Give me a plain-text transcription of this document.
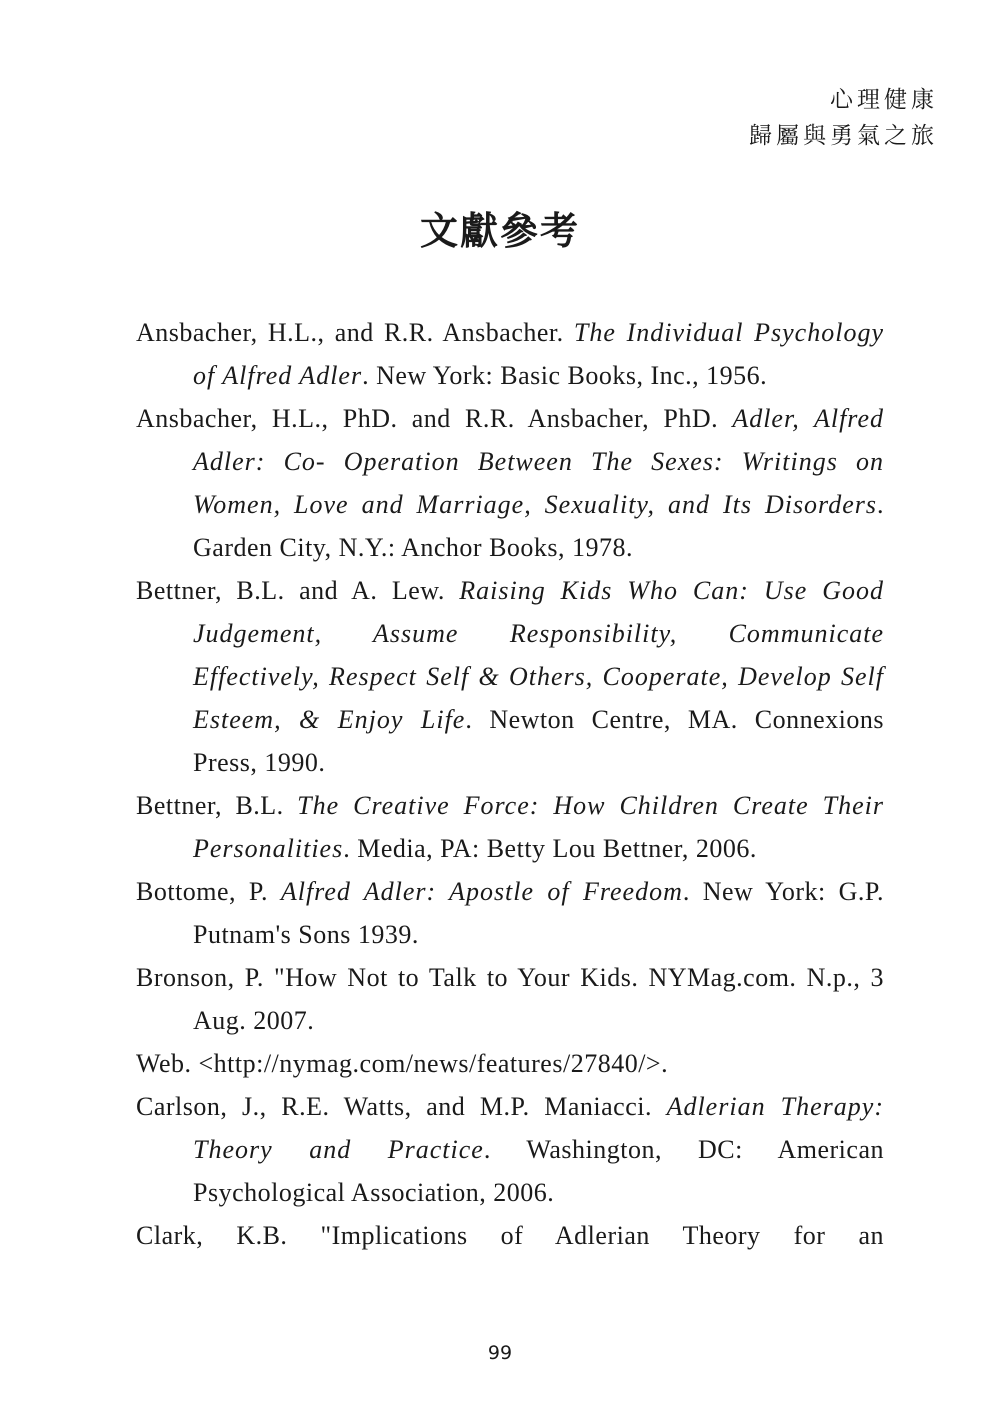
心理健康
歸屬與勇氣之旅
文獻參考

Ansbacher, H.L., and R.R. Ansbacher. The Individual Psychology of Alfred Adler. New York: Basic Books, Inc., 1956.

Ansbacher, H.L., PhD. and R.R. Ansbacher, PhD. Adler, Alfred Adler: Co- Operation Between The Sexes: Writings on Women, Love and Marriage, Sexuality, and Its Disorders. Garden City, N.Y.: Anchor Books, 1978.

Bettner, B.L. and A. Lew. Raising Kids Who Can: Use Good Judgement, Assume Responsibility, Communicate Effectively, Respect Self & Others, Cooperate, Develop Self Esteem, & Enjoy Life. Newton Centre, MA. Connexions Press, 1990.

Bettner, B.L. The Creative Force: How Children Create Their Personalities. Media, PA: Betty Lou Bettner, 2006.

Bottome, P. Alfred Adler: Apostle of Freedom. New York: G.P. Putnam's Sons 1939.

Bronson, P. "How Not to Talk to Your Kids. NYMag.com. N.p., 3 Aug. 2007.

Web. <http://nymag.com/news/features/27840/>.

Carlson, J., R.E. Watts, and M.P. Maniacci. Adlerian Therapy: Theory and Practice. Washington, DC: American Psychological Association, 2006.

Clark, K.B. "Implications of Adlerian Theory for an

99
